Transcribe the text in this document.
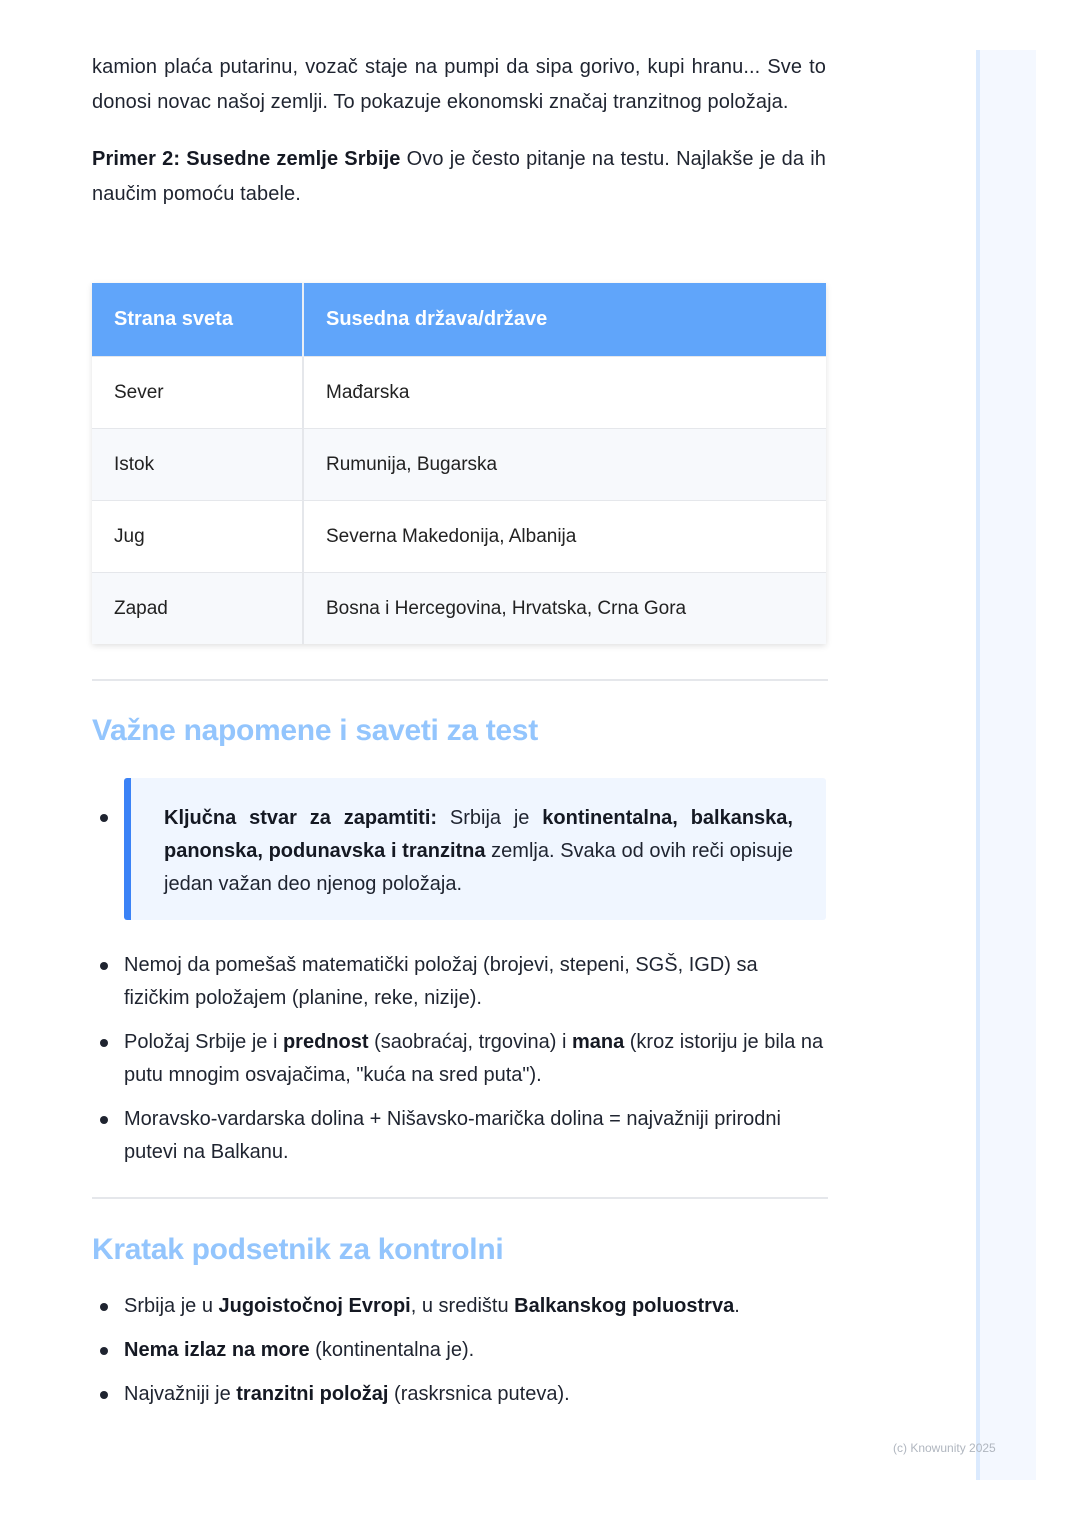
kamion plaća putarinu, vozač staje na pumpi da sipa gorivo, kupi hranu... Sve to donosi novac našoj zemlji. To pokazuje ekonomski značaj tranzitnog položaja.

Primer 2: Susedne zemlje Srbije Ovo je često pitanje na testu. Najlakše je da ih naučim pomoću tabele.

Strana sveta	Susedna država/države
Sever	Mađarska
Istok	Rumunija, Bugarska
Jug	Severna Makedonija, Albanija
Zapad	Bosna i Hercegovina, Hrvatska, Crna Gora
Važne napomene i saveti za test

Ključna stvar za zapamtiti: Srbija je kontinentalna, balkanska, panonska, podunavska i tranzitna zemlja. Svaka od ovih reči opisuje jedan važan deo njenog položaja.

Nemoj da pomešaš matematički položaj (brojevi, stepeni, SGŠ, IGD) sa fizičkim položajem (planine, reke, nizije).
Položaj Srbije je i prednost (saobraćaj, trgovina) i mana (kroz istoriju je bila na putu mnogim osvajačima, "kuća na sred puta").
Moravsko-vardarska dolina + Nišavsko-marička dolina = najvažniji prirodni putevi na Balkanu.
Kratak podsetnik za kontrolni
Srbija je u Jugoistočnoj Evropi, u središtu Balkanskog poluostrva.
Nema izlaz na more (kontinentalna je).
Najvažniji je tranzitni položaj (raskrsnica puteva).
(c) Knowunity 2025
